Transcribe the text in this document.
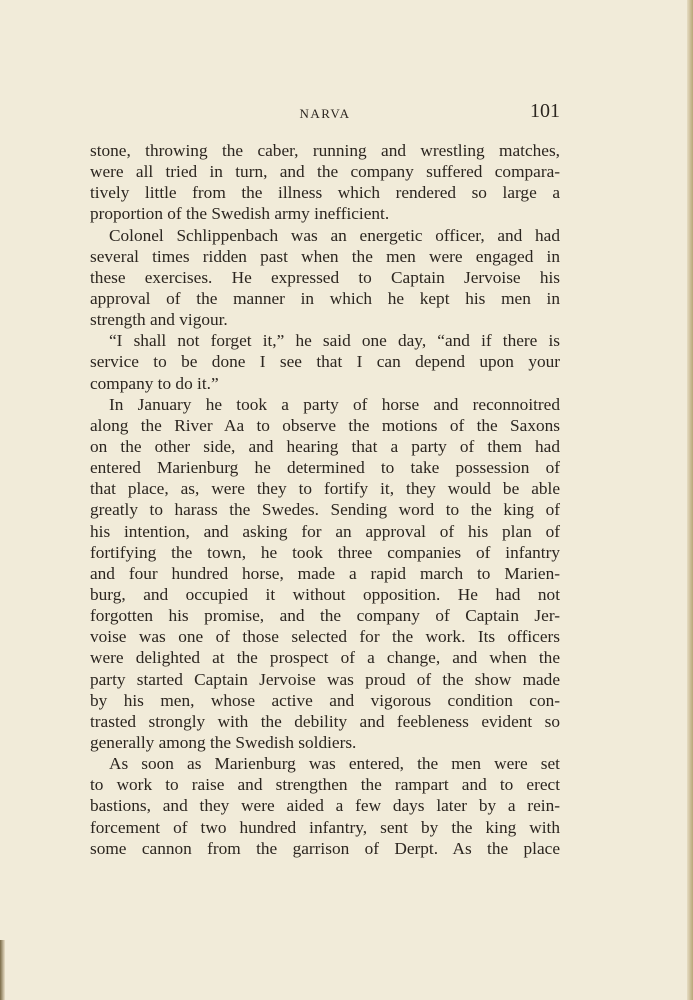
NARVA	101
stone, throwing the caber, running and wrestling matches,
were all tried in turn, and the company suffered compara-
tively little from the illness which rendered so large a
proportion of the Swedish army inefficient.
Colonel Schlippenbach was an energetic officer, and had
several times ridden past when the men were engaged in
these exercises. He expressed to Captain Jervoise his
approval of the manner in which he kept his men in
strength and vigour.
“I shall not forget it,” he said one day, “and if there is
service to be done I see that I can depend upon your
company to do it.”
In January he took a party of horse and reconnoitred
along the River Aa to observe the motions of the Saxons
on the other side, and hearing that a party of them had
entered Marienburg he determined to take possession of
that place, as, were they to fortify it, they would be able
greatly to harass the Swedes. Sending word to the king of
his intention, and asking for an approval of his plan of
fortifying the town, he took three companies of infantry
and four hundred horse, made a rapid march to Marien-
burg, and occupied it without opposition. He had not
forgotten his promise, and the company of Captain Jer-
voise was one of those selected for the work. Its officers
were delighted at the prospect of a change, and when the
party started Captain Jervoise was proud of the show made
by his men, whose active and vigorous condition con-
trasted strongly with the debility and feebleness evident so
generally among the Swedish soldiers.
As soon as Marienburg was entered, the men were set
to work to raise and strengthen the rampart and to erect
bastions, and they were aided a few days later by a rein-
forcement of two hundred infantry, sent by the king with
some cannon from the garrison of Derpt. As the place
